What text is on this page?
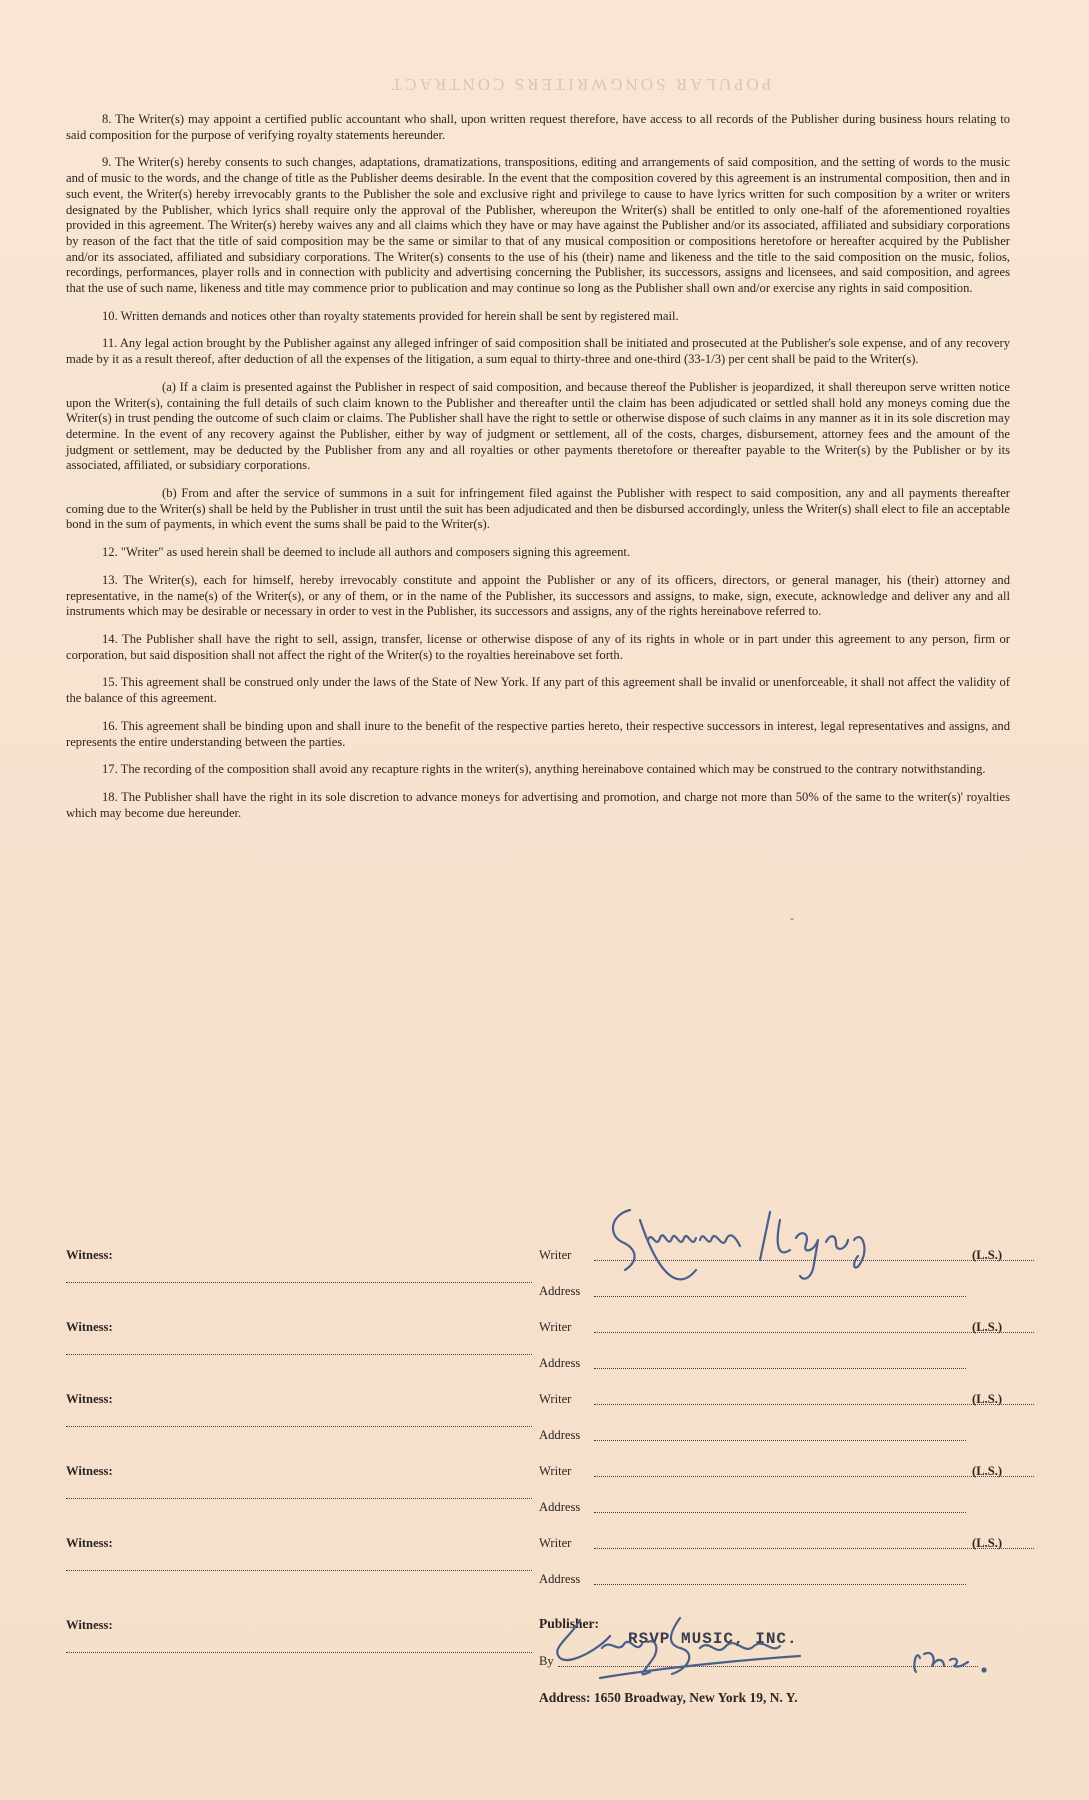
POPULAR SONGWRITERS CONTRACT

8. The Writer(s) may appoint a certified public accountant who shall, upon written request therefore, have access to all records of the Publisher during business hours relating to said composition for the purpose of verifying royalty statements hereunder.

9. The Writer(s) hereby consents to such changes, adaptations, dramatizations, transpositions, editing and arrangements of said composition, and the setting of words to the music and of music to the words, and the change of title as the Publisher deems desirable. In the event that the composition covered by this agreement is an instrumental composition, then and in such event, the Writer(s) hereby irrevocably grants to the Publisher the sole and exclusive right and privilege to cause to have lyrics written for such composition by a writer or writers designated by the Publisher, which lyrics shall require only the approval of the Publisher, whereupon the Writer(s) shall be entitled to only one-half of the aforementioned royalties provided in this agreement. The Writer(s) hereby waives any and all claims which they have or may have against the Publisher and/or its associated, affiliated and subsidiary corporations by reason of the fact that the title of said composition may be the same or similar to that of any musical composition or compositions heretofore or hereafter acquired by the Publisher and/or its associated, affiliated and subsidiary corporations. The Writer(s) consents to the use of his (their) name and likeness and the title to the said composition on the music, folios, recordings, performances, player rolls and in connection with publicity and advertising concerning the Publisher, its successors, assigns and licensees, and said composition, and agrees that the use of such name, likeness and title may commence prior to publication and may continue so long as the Publisher shall own and/or exercise any rights in said composition.

10. Written demands and notices other than royalty statements provided for herein shall be sent by registered mail.

11. Any legal action brought by the Publisher against any alleged infringer of said composition shall be initiated and prosecuted at the Publisher's sole expense, and of any recovery made by it as a result thereof, after deduction of all the expenses of the litigation, a sum equal to thirty-three and one-third (33-1/3) per cent shall be paid to the Writer(s).

(a) If a claim is presented against the Publisher in respect of said composition, and because thereof the Publisher is jeopardized, it shall thereupon serve written notice upon the Writer(s), containing the full details of such claim known to the Publisher and thereafter until the claim has been adjudicated or settled shall hold any moneys coming due the Writer(s) in trust pending the outcome of such claim or claims. The Publisher shall have the right to settle or otherwise dispose of such claims in any manner as it in its sole discretion may determine. In the event of any recovery against the Publisher, either by way of judgment or settlement, all of the costs, charges, disbursement, attorney fees and the amount of the judgment or settlement, may be deducted by the Publisher from any and all royalties or other payments theretofore or thereafter payable to the Writer(s) by the Publisher or by its associated, affiliated, or subsidiary corporations.

(b) From and after the service of summons in a suit for infringement filed against the Publisher with respect to said composition, any and all payments thereafter coming due to the Writer(s) shall be held by the Publisher in trust until the suit has been adjudicated and then be disbursed accordingly, unless the Writer(s) shall elect to file an acceptable bond in the sum of payments, in which event the sums shall be paid to the Writer(s).

12. "Writer" as used herein shall be deemed to include all authors and composers signing this agreement.

13. The Writer(s), each for himself, hereby irrevocably constitute and appoint the Publisher or any of its officers, directors, or general manager, his (their) attorney and representative, in the name(s) of the Writer(s), or any of them, or in the name of the Publisher, its successors and assigns, to make, sign, execute, acknowledge and deliver any and all instruments which may be desirable or necessary in order to vest in the Publisher, its successors and assigns, any of the rights hereinabove referred to.

14. The Publisher shall have the right to sell, assign, transfer, license or otherwise dispose of any of its rights in whole or in part under this agreement to any person, firm or corporation, but said disposition shall not affect the right of the Writer(s) to the royalties hereinabove set forth.

15. This agreement shall be construed only under the laws of the State of New York. If any part of this agreement shall be invalid or unenforceable, it shall not affect the validity of the balance of this agreement.

16. This agreement shall be binding upon and shall inure to the benefit of the respective parties hereto, their respective successors in interest, legal representatives and assigns, and represents the entire understanding between the parties.

17. The recording of the composition shall avoid any recapture rights in the writer(s), anything hereinabove contained which may be construed to the contrary notwithstanding.

18. The Publisher shall have the right in its sole discretion to advance moneys for advertising and promotion, and charge not more than 50% of the same to the writer(s)' royalties which may become due hereunder.

-
Witness:	Writer	(L.S.)
Address
Witness:	Writer	(L.S.)
Address
Witness:	Writer	(L.S.)
Address
Witness:	Writer	(L.S.)
Address
Witness:	Writer	(L.S.)
Address
Witness:	Publisher:
RSVP MUSIC, INC.
By
Address: 1650 Broadway, New York 19, N. Y.
